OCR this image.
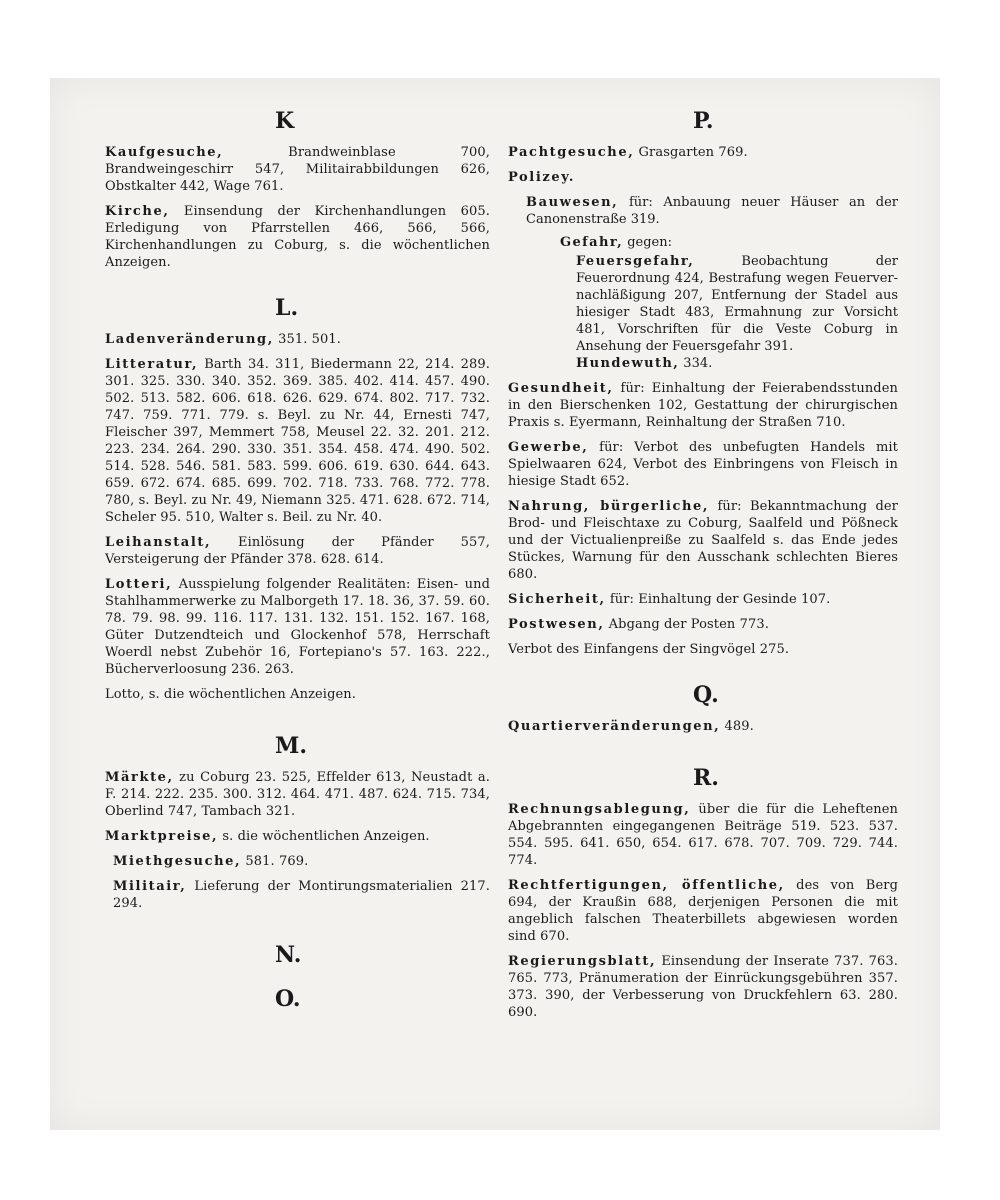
K
Kaufgesuche, Brandweinblase 700, Brandweingeschirr 547, Militairabbildungen 626, Obstkalter 442, Wage 761.
Kirche, Einsendung der Kirchenhandlungen 605. Erledigung von Pfarrstellen 466, 566, 566, Kirchenhandlungen zu Coburg, s. die wöchentlichen Anzeigen.
L.
Ladenveränderung, 351. 501.
Litteratur, Barth 34. 311, Biedermann 22, 214. 289. 301. 325. 330. 340. 352. 369. 385. 402. 414. 457. 490. 502. 513. 582. 606. 618. 626. 629. 674. 802. 717. 732. 747. 759. 771. 779. s. Beyl. zu Nr. 44, Ernesti 747, Fleischer 397, Memmert 758, Meusel 22. 32. 201. 212. 223. 234. 264. 290. 330. 351. 354. 458. 474. 490. 502. 514. 528. 546. 581. 583. 599. 606. 619. 630. 644. 643. 659. 672. 674. 685. 699. 702. 718. 733. 768. 772. 778. 780, s. Beyl. zu Nr. 49, Niemann 325. 471. 628. 672. 714, Scheler 95. 510, Walter s. Beil. zu Nr. 40.
Leihanstalt, Einlösung der Pfänder 557, Versteigerung der Pfänder 378. 628. 614.
Lotteri, Ausspielung folgender Realitäten: Eisen- und Stahlhammerwerke zu Malborgeth 17. 18. 36, 37. 59. 60. 78. 79. 98. 99. 116. 117. 131. 132. 151. 152. 167. 168, Güter Dutzendteich und Glockenhof 578, Herrschaft Woerdl nebst Zubehör 16, Fortepiano's 57. 163. 222., Bücherverloosung 236. 263.
Lotto, s. die wöchentlichen Anzeigen.
M.
Märkte, zu Coburg 23. 525, Effelder 613, Neustadt a. F. 214. 222. 235. 300. 312. 464. 471. 487. 624. 715. 734, Oberlind 747, Tambach 321.
Marktpreise, s. die wöchentlichen Anzeigen.
Miethgesuche, 581. 769.
Militair, Lieferung der Montirungsmaterialien 217. 294.
N.
O.
P.
Pachtgesuche, Grasgarten 769.
Polizey.
Bauwesen, für: Anbauung neuer Häuser an der Canonenstraße 319.
Gefahr, gegen:
Feuersgefahr, Beobachtung der Feuerordnung 424, Bestrafung wegen Feuerver-nachläßigung 207, Entfernung der Stadel aus hiesiger Stadt 483, Ermahnung zur Vorsicht 481, Vorschriften für die Veste Coburg in Ansehung der Feuersgefahr 391.
Hundewuth, 334.
Gesundheit, für: Einhaltung der Feierabendsstunden in den Bierschenken 102, Gestattung der chirurgischen Praxis s. Eyermann, Reinhaltung der Straßen 710.
Gewerbe, für: Verbot des unbefugten Handels mit Spielwaaren 624, Verbot des Einbringens von Fleisch in hiesige Stadt 652.
Nahrung, bürgerliche, für: Bekanntmachung der Brod- und Fleischtaxe zu Coburg, Saalfeld und Pößneck und der Victualienpreiße zu Saalfeld s. das Ende jedes Stückes, Warnung für den Ausschank schlechten Bieres 680.
Sicherheit, für: Einhaltung der Gesinde 107.
Postwesen, Abgang der Posten 773.
Verbot des Einfangens der Singvögel 275.
Q.
Quartierveränderungen, 489.
R.
Rechnungsablegung, über die für die Leheftenen Abgebrannten eingegangenen Beiträge 519. 523. 537. 554. 595. 641. 650, 654. 617. 678. 707. 709. 729. 744. 774.
Rechtfertigungen, öffentliche, des von Berg 694, der Kraußin 688, derjenigen Personen die mit angeblich falschen Theaterbillets abgewiesen worden sind 670.
Regierungsblatt, Einsendung der Inserate 737. 763. 765. 773, Pränumeration der Einrückungsgebühren 357. 373. 390, der Verbesserung von Druckfehlern 63. 280. 690.
